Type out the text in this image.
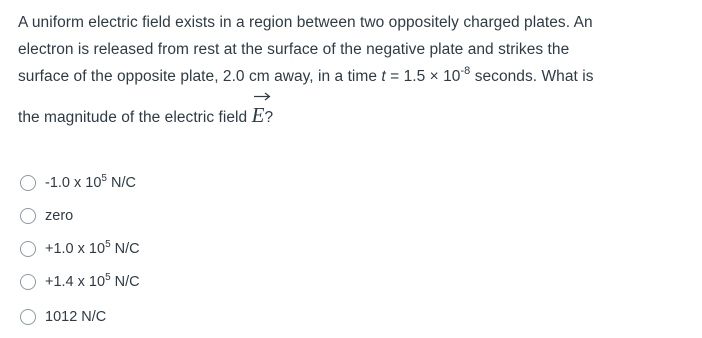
A uniform electric field exists in a region between two oppositely charged plates. An
electron is released from rest at the surface of the negative plate and strikes the
surface of the opposite plate, 2.0 cm away, in a time $t = 1.5 \times 10^{-8}$ seconds. What is
the magnitude of the electric field
E?
-1.0 x $10^5$ N/C
zero
+1.0 x $10^5$ N/C
+1.4 x $10^5$ N/C
1012 N/C
